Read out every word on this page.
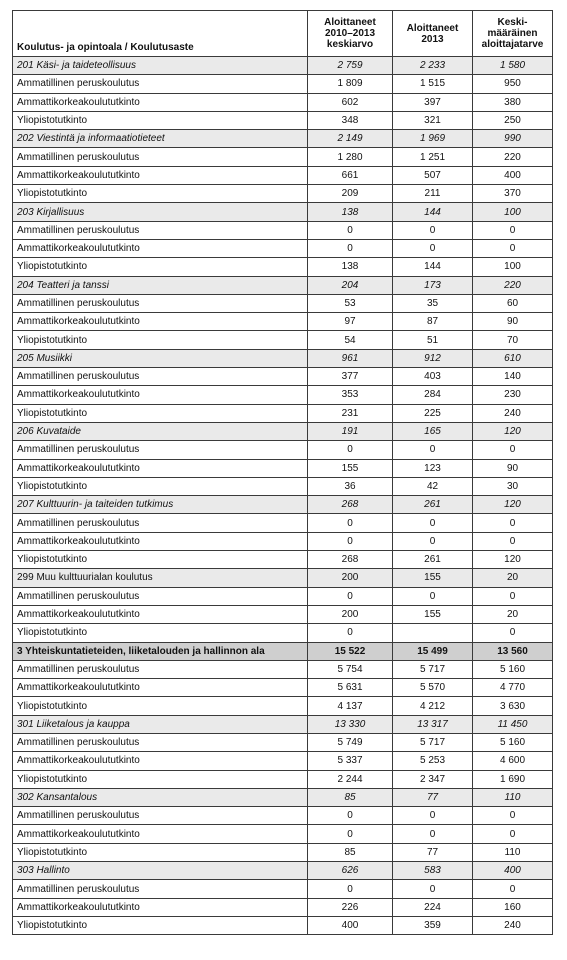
Koulutus- ja opintoala / Koulutusaste	Aloittaneet 2010–2013 keskiarvo	Aloittaneet 2013	Keski- määräinen aloittajatarve
201 Käsi- ja taideteollisuus	2 759	2 233	1 580
Ammatillinen peruskoulutus	1 809	1 515	950
Ammattikorkeakoulututkinto	602	397	380
Yliopistotutkinto	348	321	250
202 Viestintä ja informaatiotieteet	2 149	1 969	990
Ammatillinen peruskoulutus	1 280	1 251	220
Ammattikorkeakoulututkinto	661	507	400
Yliopistotutkinto	209	211	370
203 Kirjallisuus	138	144	100
Ammatillinen peruskoulutus	0	0	0
Ammattikorkeakoulututkinto	0	0	0
Yliopistotutkinto	138	144	100
204 Teatteri ja tanssi	204	173	220
Ammatillinen peruskoulutus	53	35	60
Ammattikorkeakoulututkinto	97	87	90
Yliopistotutkinto	54	51	70
205 Musiikki	961	912	610
Ammatillinen peruskoulutus	377	403	140
Ammattikorkeakoulututkinto	353	284	230
Yliopistotutkinto	231	225	240
206 Kuvataide	191	165	120
Ammatillinen peruskoulutus	0	0	0
Ammattikorkeakoulututkinto	155	123	90
Yliopistotutkinto	36	42	30
207 Kulttuurin- ja taiteiden tutkimus	268	261	120
Ammatillinen peruskoulutus	0	0	0
Ammattikorkeakoulututkinto	0	0	0
Yliopistotutkinto	268	261	120
299 Muu kulttuurialan koulutus	200	155	20
Ammatillinen peruskoulutus	0	0	0
Ammattikorkeakoulututkinto	200	155	20
Yliopistotutkinto	0		0
3 Yhteiskuntatieteiden, liiketalouden ja hallinnon ala	15 522	15 499	13 560
Ammatillinen peruskoulutus	5 754	5 717	5 160
Ammattikorkeakoulututkinto	5 631	5 570	4 770
Yliopistotutkinto	4 137	4 212	3 630
301 Liiketalous ja kauppa	13 330	13 317	11 450
Ammatillinen peruskoulutus	5 749	5 717	5 160
Ammattikorkeakoulututkinto	5 337	5 253	4 600
Yliopistotutkinto	2 244	2 347	1 690
302 Kansantalous	85	77	110
Ammatillinen peruskoulutus	0	0	0
Ammattikorkeakoulututkinto	0	0	0
Yliopistotutkinto	85	77	110
303 Hallinto	626	583	400
Ammatillinen peruskoulutus	0	0	0
Ammattikorkeakoulututkinto	226	224	160
Yliopistotutkinto	400	359	240
